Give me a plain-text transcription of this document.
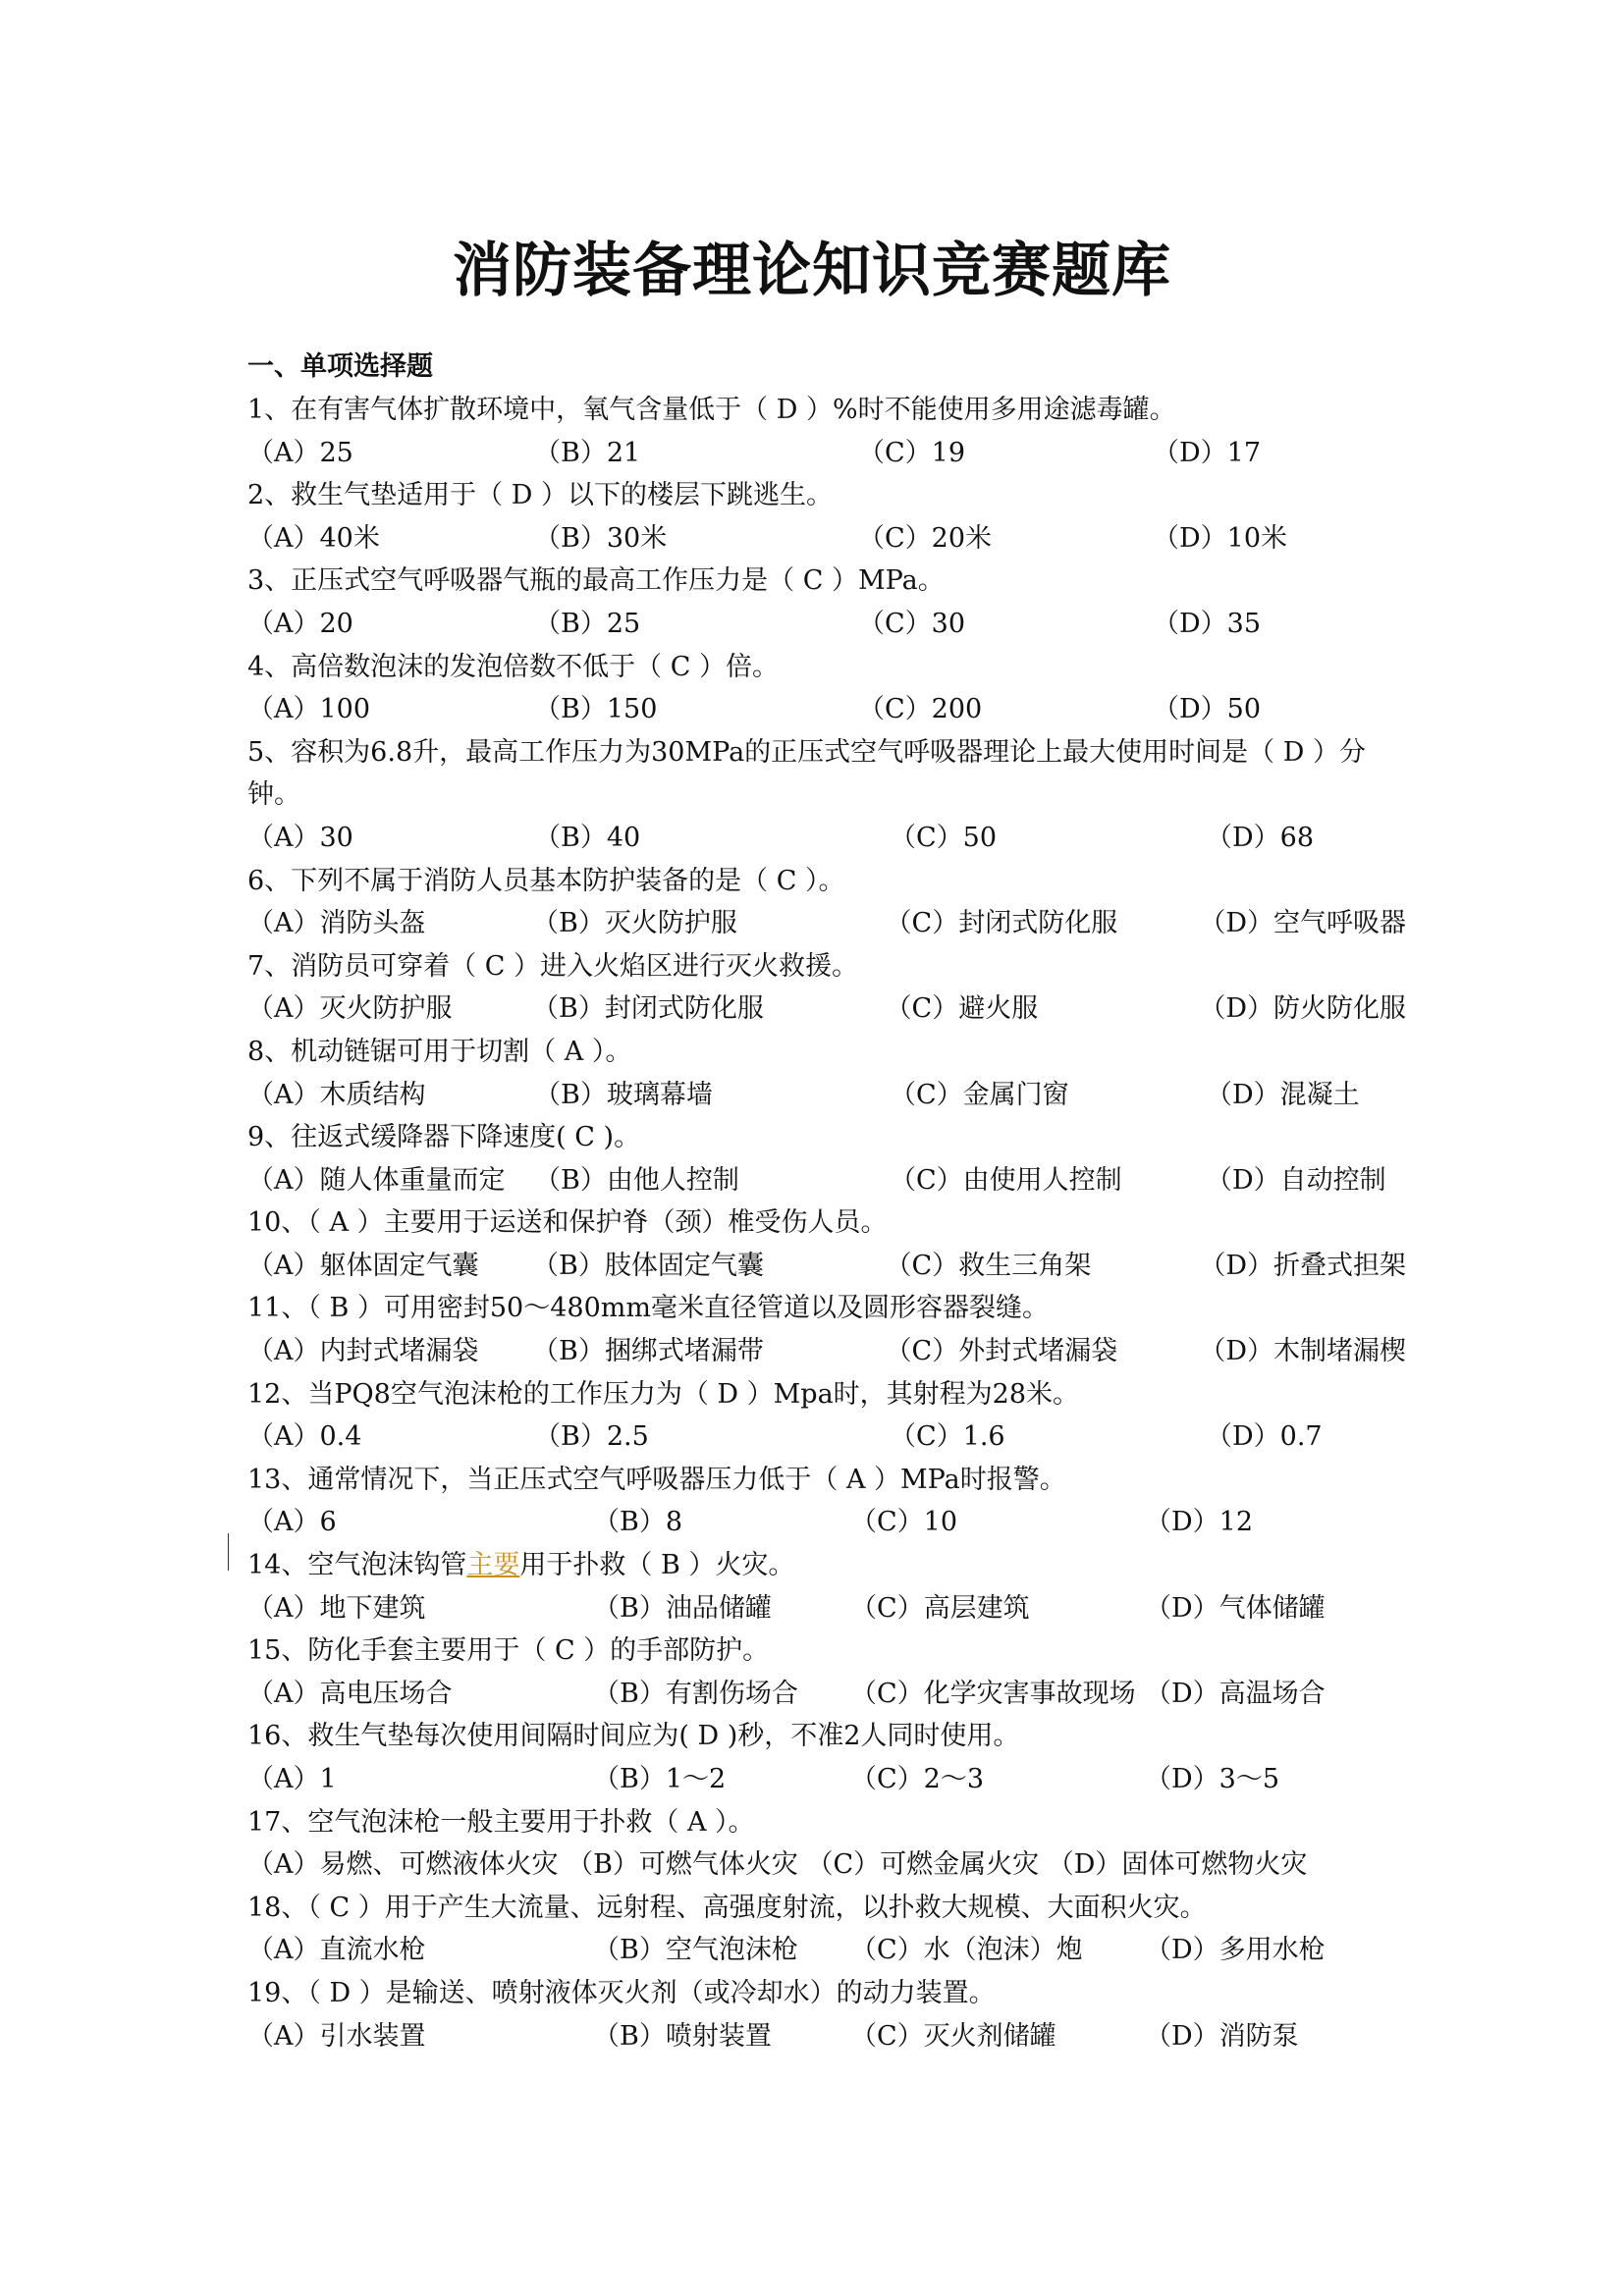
消防装备理论知识竞赛题库
一、单项选择题
1、在有害气体扩散环境中，氧气含量低于（ D ）%时不能使用多用途滤毒罐。
（A）25	（B）21	（C）19	（D）17
2、救生气垫适用于（ D ）以下的楼层下跳逃生。
（A）40米	（B）30米	（C）20米	（D）10米
3、正压式空气呼吸器气瓶的最高工作压力是（ C ）MPa。
（A）20	（B）25	（C）30	（D）35
4、高倍数泡沫的发泡倍数不低于（ C ）倍。
（A）100	（B）150	（C）200	（D）50
5、容积为6.8升，最高工作压力为30MPa的正压式空气呼吸器理论上最大使用时间是（ D ）分钟。
（A）30	（B）40	（C）50	（D）68
6、下列不属于消防人员基本防护装备的是（ C ）。
（A）消防头盔	（B）灭火防护服	（C）封闭式防化服	（D）空气呼吸器
7、消防员可穿着（ C ）进入火焰区进行灭火救援。
（A）灭火防护服	（B）封闭式防化服	（C）避火服	（D）防火防化服
8、机动链锯可用于切割（ A ）。
（A）木质结构	（B）玻璃幕墙	（C）金属门窗	（D）混凝土
9、往返式缓降器下降速度( C )。
（A）随人体重量而定	（B）由他人控制	（C）由使用人控制	（D）自动控制
10、（ A ）主要用于运送和保护脊（颈）椎受伤人员。
（A）躯体固定气囊	（B）肢体固定气囊	（C）救生三角架	（D）折叠式担架
11、（ B ）可用密封50～480mm毫米直径管道以及圆形容器裂缝。
（A）内封式堵漏袋	（B）捆绑式堵漏带	（C）外封式堵漏袋	（D）木制堵漏楔
12、当PQ8空气泡沫枪的工作压力为（ D ）Mpa时，其射程为28米。
（A）0.4	（B）2.5	（C）1.6	（D）0.7
13、通常情况下，当正压式空气呼吸器压力低于（ A ）MPa时报警。
（A）6	（B）8	（C）10	（D）12
14、空气泡沫钩管主要用于扑救（ B ）火灾。
（A）地下建筑	（B）油品储罐	（C）高层建筑	（D）气体储罐
15、防化手套主要用于（ C ）的手部防护。
（A）高电压场合	（B）有割伤场合	（C）化学灾害事故现场 （D）高温场合
16、救生气垫每次使用间隔时间应为( D )秒，不准2人同时使用。
（A）1	（B）1～2	（C）2～3	（D）3～5
17、空气泡沫枪一般主要用于扑救（ A ）。
（A）易燃、可燃液体火灾 （B）可燃气体火灾 （C）可燃金属火灾 （D）固体可燃物火灾
18、（ C ）用于产生大流量、远射程、高强度射流，以扑救大规模、大面积火灾。
（A）直流水枪	（B）空气泡沫枪	（C）水（泡沫）炮	（D）多用水枪
19、（ D ）是输送、喷射液体灭火剂（或冷却水）的动力装置。
（A）引水装置	（B）喷射装置	（C）灭火剂储罐	（D）消防泵
